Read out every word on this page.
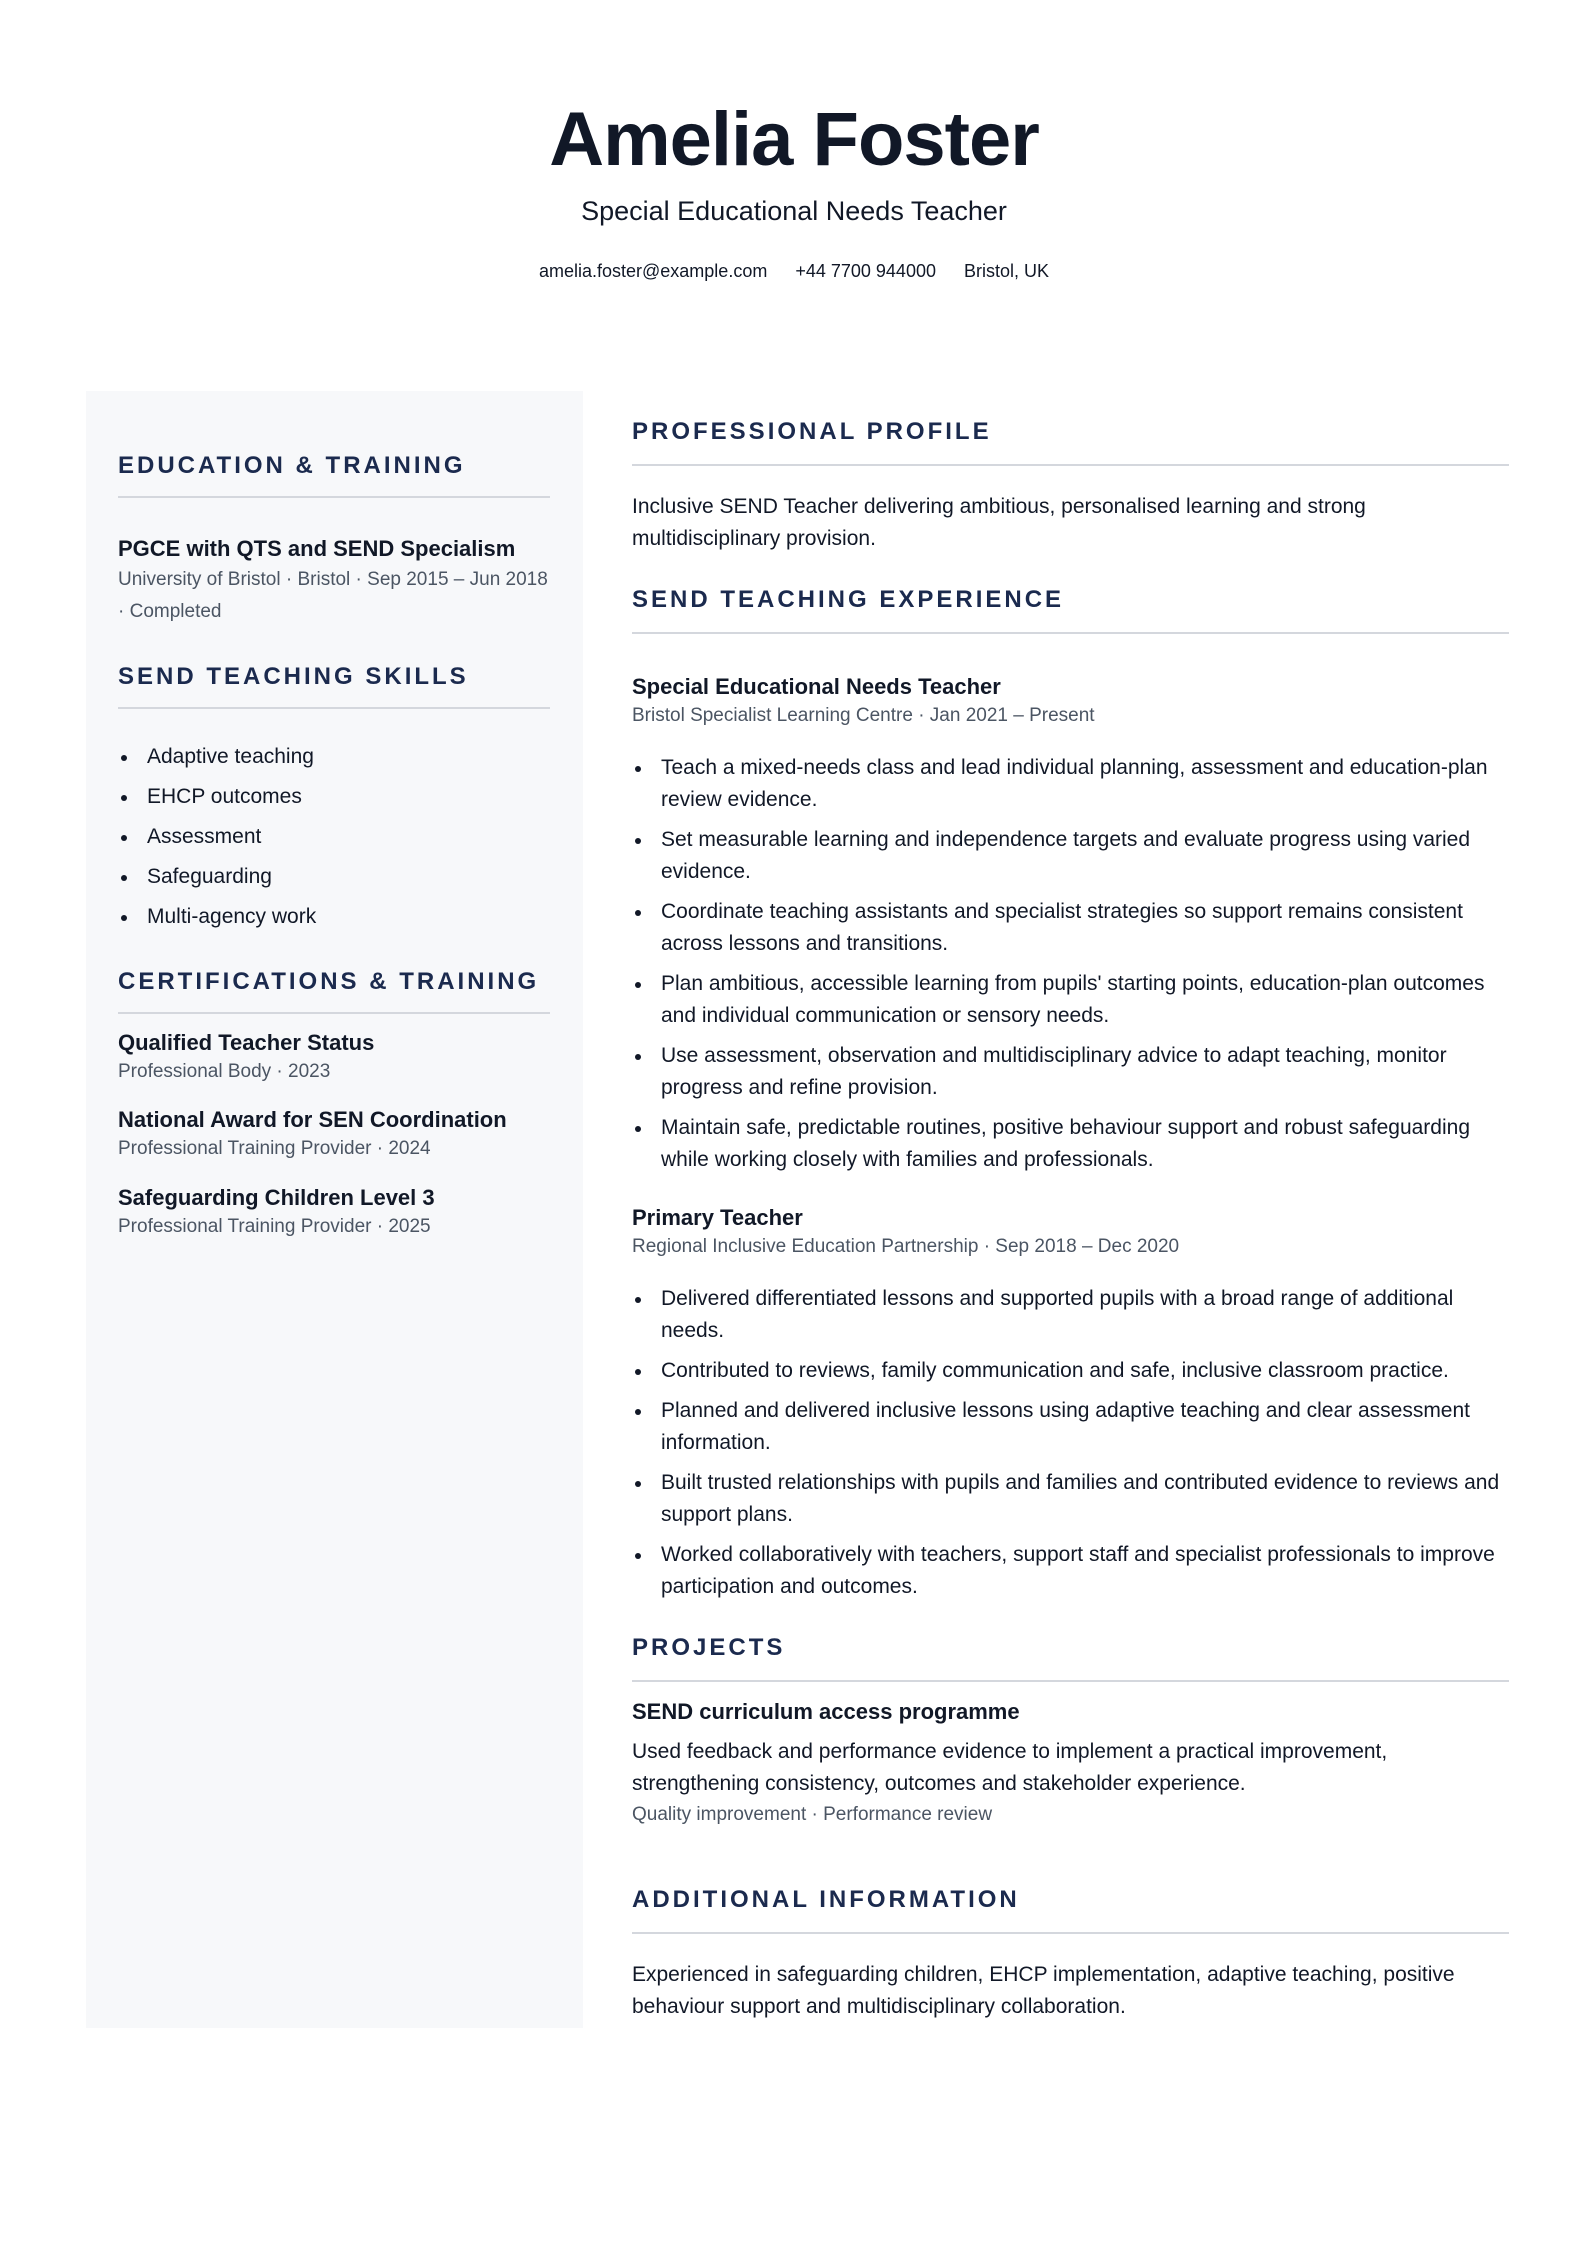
Amelia Foster
Special Educational Needs Teacher
amelia.foster@example.com +44 7700 944000 Bristol, UK
EDUCATION & TRAINING
PGCE with QTS and SEND Specialism
University of Bristol · Bristol · Sep 2015 – Jun 2018 · Completed
SEND TEACHING SKILLS
Adaptive teaching
EHCP outcomes
Assessment
Safeguarding
Multi-agency work
CERTIFICATIONS & TRAINING
Qualified Teacher Status
Professional Body · 2023
National Award for SEN Coordination
Professional Training Provider · 2024
Safeguarding Children Level 3
Professional Training Provider · 2025
PROFESSIONAL PROFILE
Inclusive SEND Teacher delivering ambitious, personalised learning and strong multidisciplinary provision.
SEND TEACHING EXPERIENCE
Special Educational Needs Teacher
Bristol Specialist Learning Centre · Jan 2021 – Present
Teach a mixed-needs class and lead individual planning, assessment and education-plan review evidence.
Set measurable learning and independence targets and evaluate progress using varied evidence.
Coordinate teaching assistants and specialist strategies so support remains consistent across lessons and transitions.
Plan ambitious, accessible learning from pupils' starting points, education-plan outcomes and individual communication or sensory needs.
Use assessment, observation and multidisciplinary advice to adapt teaching, monitor progress and refine provision.
Maintain safe, predictable routines, positive behaviour support and robust safeguarding while working closely with families and professionals.
Primary Teacher
Regional Inclusive Education Partnership · Sep 2018 – Dec 2020
Delivered differentiated lessons and supported pupils with a broad range of additional needs.
Contributed to reviews, family communication and safe, inclusive classroom practice.
Planned and delivered inclusive lessons using adaptive teaching and clear assessment information.
Built trusted relationships with pupils and families and contributed evidence to reviews and support plans.
Worked collaboratively with teachers, support staff and specialist professionals to improve participation and outcomes.
PROJECTS
SEND curriculum access programme
Used feedback and performance evidence to implement a practical improvement, strengthening consistency, outcomes and stakeholder experience.
Quality improvement · Performance review
ADDITIONAL INFORMATION
Experienced in safeguarding children, EHCP implementation, adaptive teaching, positive behaviour support and multidisciplinary collaboration.
